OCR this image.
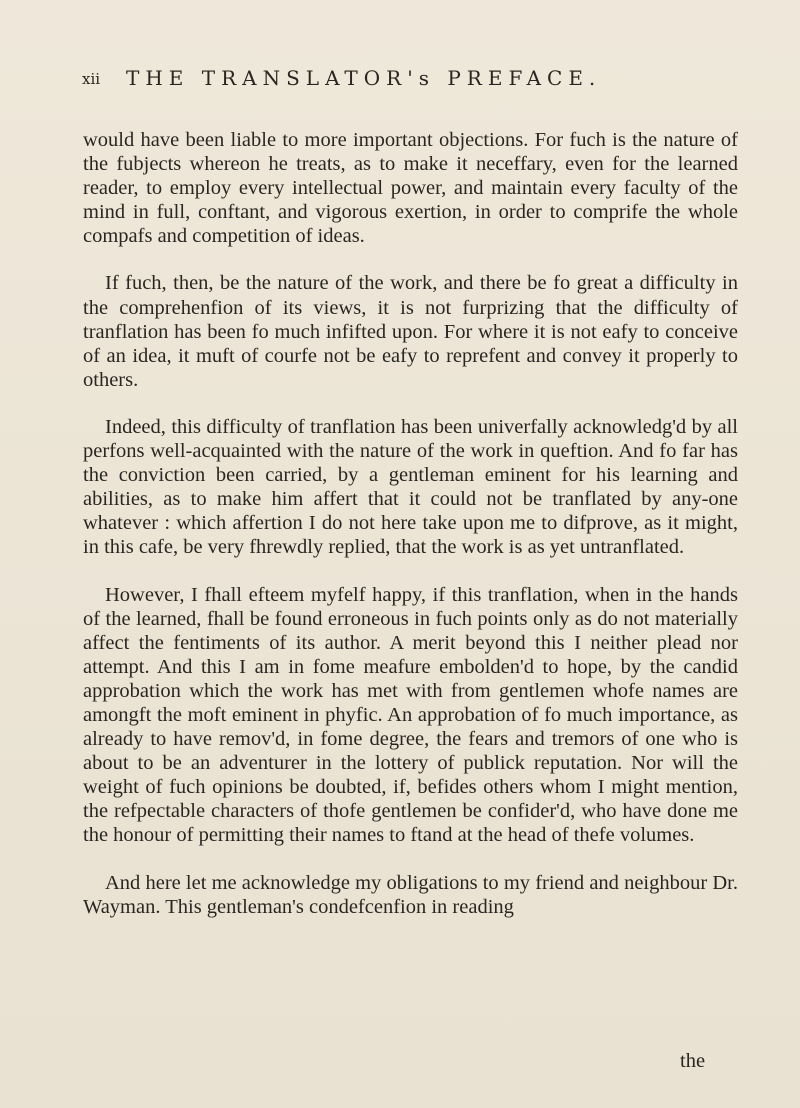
xii THE TRANSLATOR's PREFACE.

would have been liable to more important objections. For fuch is the nature of the fubjects whereon he treats, as to make it neceffary, even for the learned reader, to employ every intellectual power, and maintain every faculty of the mind in full, conftant, and vigorous exertion, in order to comprife the whole compafs and competition of ideas.

If fuch, then, be the nature of the work, and there be fo great a difficulty in the comprehenfion of its views, it is not furprizing that the difficulty of tranflation has been fo much infifted upon. For where it is not eafy to conceive of an idea, it muft of courfe not be eafy to reprefent and convey it properly to others.

Indeed, this difficulty of tranflation has been univerfally acknowledg'd by all perfons well-acquainted with the nature of the work in queftion. And fo far has the conviction been carried, by a gentleman eminent for his learning and abilities, as to make him affert that it could not be tranflated by any-one whatever : which affertion I do not here take upon me to difprove, as it might, in this cafe, be very fhrewdly replied, that the work is as yet untranflated.

However, I fhall efteem myfelf happy, if this tranflation, when in the hands of the learned, fhall be found erroneous in fuch points only as do not materially affect the fentiments of its author. A merit beyond this I neither plead nor attempt. And this I am in fome meafure embolden'd to hope, by the candid approbation which the work has met with from gentlemen whofe names are amongft the moft eminent in phyfic. An approbation of fo much importance, as already to have remov'd, in fome degree, the fears and tremors of one who is about to be an adventurer in the lottery of publick reputation. Nor will the weight of fuch opinions be doubted, if, befides others whom I might mention, the refpectable characters of thofe gentlemen be confider'd, who have done me the honour of permitting their names to ftand at the head of thefe volumes.

And here let me acknowledge my obligations to my friend and neighbour Dr. Wayman. This gentleman's condefcenfion in reading

the
